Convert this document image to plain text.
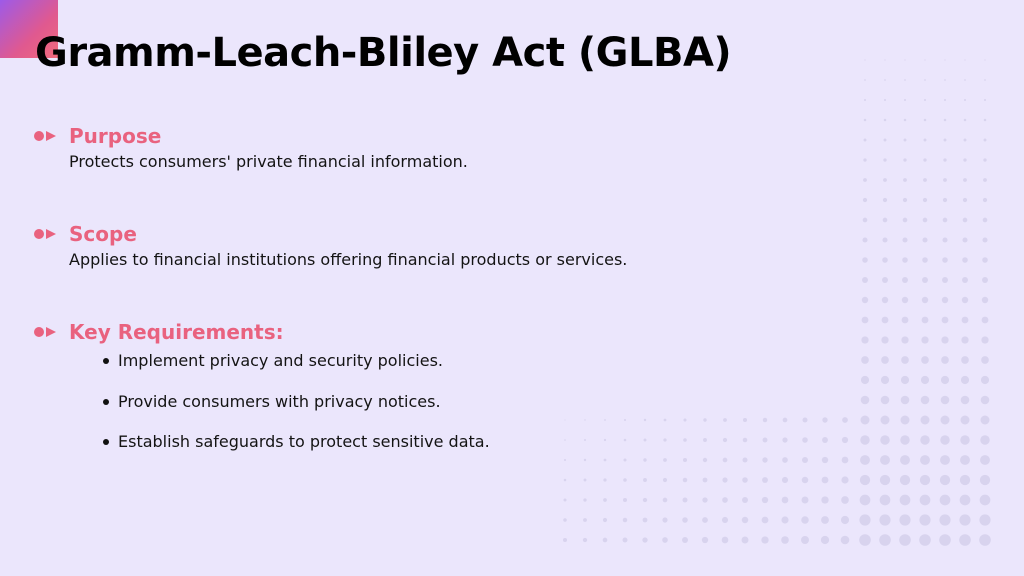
Gramm-Leach-Bliley Act (GLBA)
Purpose
Protects consumers' private financial information.
Scope
Applies to financial institutions offering financial products or services.
Key Requirements:
Implement privacy and security policies.
Provide consumers with privacy notices.
Establish safeguards to protect sensitive data.
